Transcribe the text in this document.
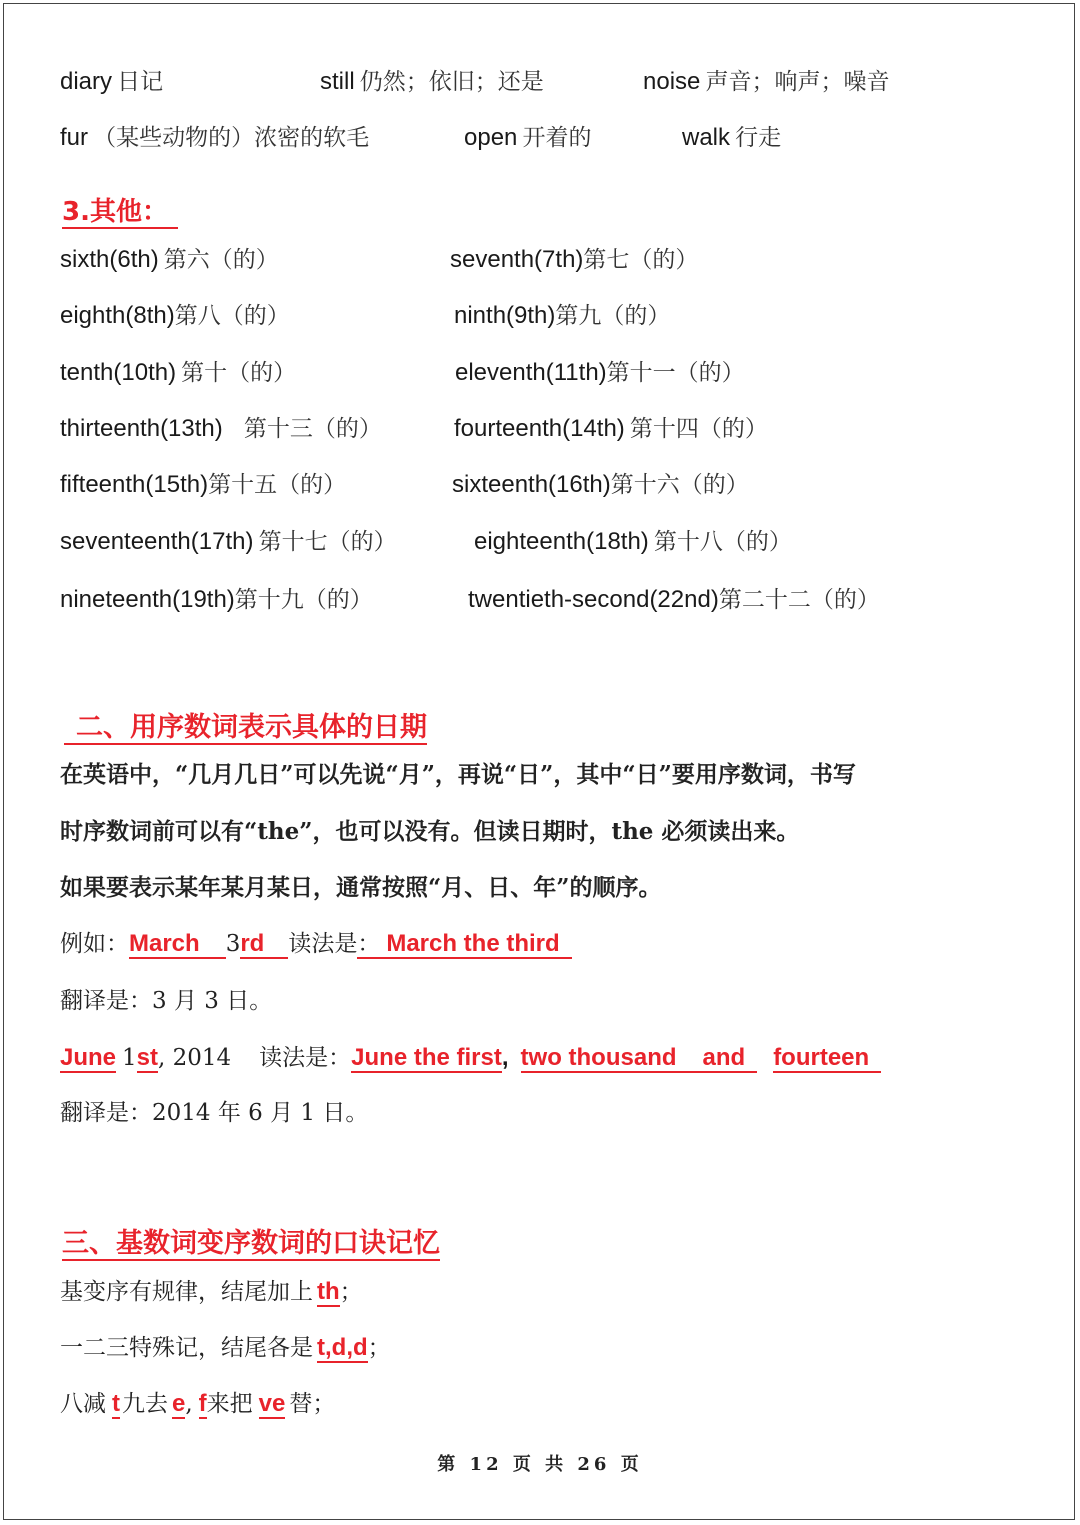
diary 日记	still 仍然；依旧；还是	noise 声音；响声；噪音
fur （某些动物的）浓密的软毛	open 开着的	walk 行走
3.其他：
sixth(6th) 第六（的）	seventh(7th)第七（的）
eighth(8th)第八（的）	ninth(9th)第九（的）
tenth(10th) 第十（的）	eleventh(11th)第十一（的）
thirteenth(13th) 第十三（的）	fourteenth(14th) 第十四（的）
fifteenth(15th)第十五（的）	sixteenth(16th)第十六（的）
seventeenth(17th) 第十七（的）	eighteenth(18th) 第十八（的）
nineteenth(19th)第十九（的）	twentieth-second(22nd)第二十二（的）
二、用序数词表示具体的日期
在英语中，“几月几日”可以先说“月”，再说“日”，其中“日”要用序数词，书写
时序数词前可以有“the”，也可以没有。但读日期时，the 必须读出来。
如果要表示某年某月某日，通常按照“月、日、年”的顺序。
例如：March 3rd 读法是： March the third
翻译是：3 月 3 日。
June 1st, 2014 读法是：June the first, two thousand and fourteen
翻译是：2014 年 6 月 1 日。
三、基数词变序数词的口诀记忆
基变序有规律，结尾加上 th；
一二三特殊记，结尾各是 t,d,d；
八减 t九去 e, f来把 ve 替；
第 12 页 共 26 页
